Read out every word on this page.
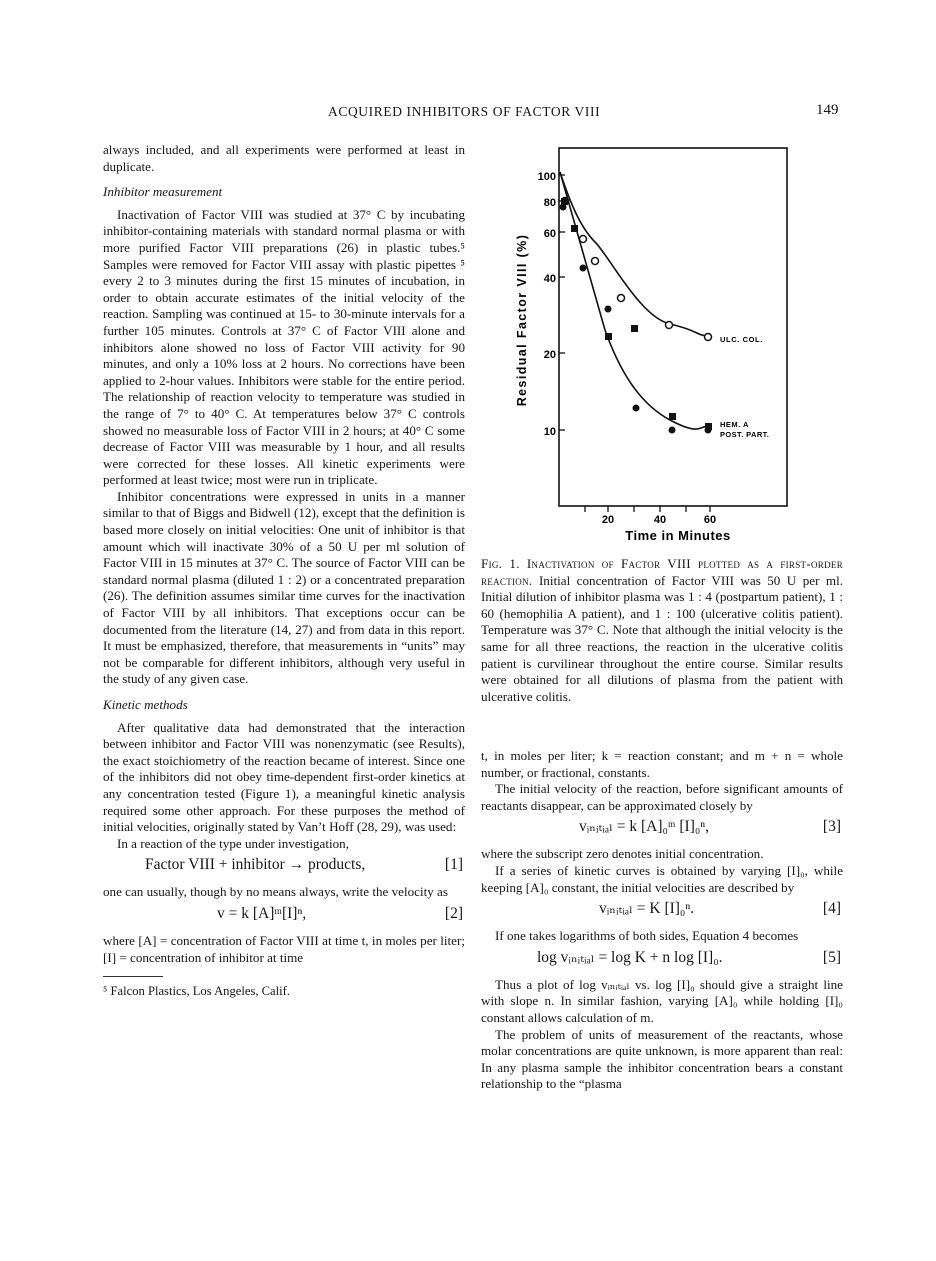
ACQUIRED INHIBITORS OF FACTOR VIII	149

always included, and all experiments were performed at least in duplicate.

Inhibitor measurement

Inactivation of Factor VIII was studied at 37° C by incubating inhibitor-containing materials with standard normal plasma or with more purified Factor VIII preparations (26) in plastic tubes.⁵ Samples were removed for Factor VIII assay with plastic pipettes ⁵ every 2 to 3 minutes during the first 15 minutes of incubation, in order to obtain accurate estimates of the initial velocity of the reaction. Sampling was continued at 15- to 30-minute intervals for a further 105 minutes. Controls at 37° C of Factor VIII alone and inhibitors alone showed no loss of Factor VIII activity for 90 minutes, and only a 10% loss at 2 hours. No corrections have been applied to 2-hour values. Inhibitors were stable for the entire period. The relationship of reaction velocity to temperature was studied in the range of 7° to 40° C. At temperatures below 37° C controls showed no measurable loss of Factor VIII in 2 hours; at 40° C some decrease of Factor VIII was measurable by 1 hour, and all results were corrected for these losses. All kinetic experiments were performed at least twice; most were run in triplicate.

Inhibitor concentrations were expressed in units in a manner similar to that of Biggs and Bidwell (12), except that the definition is based more closely on initial velocities: One unit of inhibitor is that amount which will inactivate 30% of a 50 U per ml solution of Factor VIII in 15 minutes at 37° C. The source of Factor VIII can be standard normal plasma (diluted 1 : 2) or a concentrated preparation (26). The definition assumes similar time curves for the inactivation of Factor VIII by all inhibitors. That exceptions occur can be documented from the literature (14, 27) and from data in this report. It must be emphasized, therefore, that measurements in “units” may not be comparable for different inhibitors, although very useful in the study of any given case.

Kinetic methods

After qualitative data had demonstrated that the interaction between inhibitor and Factor VIII was nonenzymatic (see Results), the exact stoichiometry of the reaction became of interest. Since one of the inhibitors did not obey time-dependent first-order kinetics at any concentration tested (Figure 1), a meaningful kinetic analysis required some other approach. For these purposes the method of initial velocities, originally stated by Van’t Hoff (28, 29), was used:

In a reaction of the type under investigation,

Factor VIII + inhibitor → products,	[1]

one can usually, though by no means always, write the velocity as

v = k [A]ᵐ[I]ⁿ,	[2]

where [A] = concentration of Factor VIII at time t, in moles per liter; [I] = concentration of inhibitor at time

⁵ Falcon Plastics, Los Angeles, Calif.

100
80
60
40
20
10
20	40	60
Time in Minutes
Residual Factor VIII (%)	ULC. COL.
HEM. A
POST. PART.
Fig. 1. Inactivation of Factor VIII plotted as a first-order reaction. Initial concentration of Factor VIII was 50 U per ml. Initial dilution of inhibitor plasma was 1 : 4 (postpartum patient), 1 : 60 (hemophilia A patient), and 1 : 100 (ulcerative colitis patient). Temperature was 37° C. Note that although the initial velocity is the same for all three reactions, the reaction in the ulcerative colitis patient is curvilinear throughout the entire course. Similar results were obtained for all dilutions of plasma from the patient with ulcerative colitis.

t, in moles per liter; k = reaction constant; and m + n = whole number, or fractional, constants.

The initial velocity of the reaction, before significant amounts of reactants disappear, can be approximated closely by

vᵢₙᵢₜᵢₐₗ = k [A]₀ᵐ [I]₀ⁿ,	[3]

where the subscript zero denotes initial concentration.

If a series of kinetic curves is obtained by varying [I]₀, while keeping [A]₀ constant, the initial velocities are described by

vᵢₙᵢₜᵢₐₗ = K [I]₀ⁿ.	[4]

If one takes logarithms of both sides, Equation 4 becomes

log vᵢₙᵢₜᵢₐₗ = log K + n log [I]₀.	[5]

Thus a plot of log vᵢₙᵢₜᵢₐₗ vs. log [I]₀ should give a straight line with slope n. In similar fashion, varying [A]₀ while holding [I]₀ constant allows calculation of m.

The problem of units of measurement of the reactants, whose molar concentrations are quite unknown, is more apparent than real: In any plasma sample the inhibitor concentration bears a constant relationship to the “plasma
